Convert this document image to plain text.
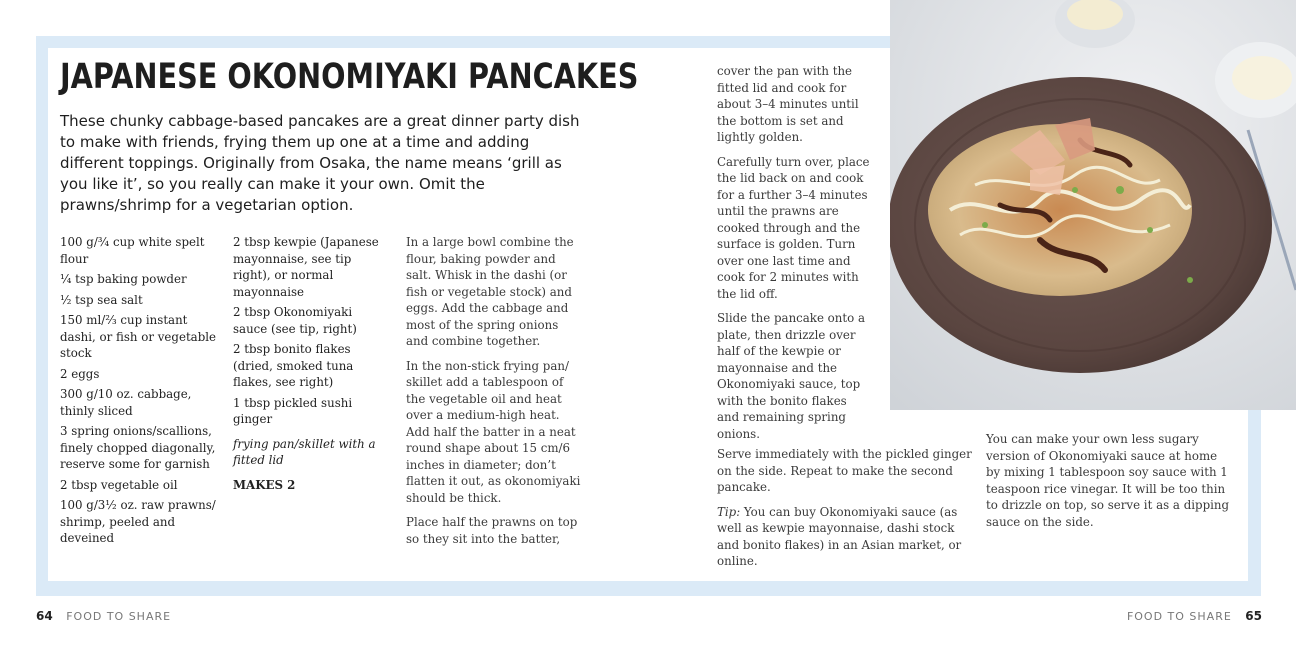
JAPANESE OKONOMIYAKI PANCAKES

These chunky cabbage-based pancakes are a great dinner party dish to make with friends, frying them up one at a time and adding different toppings. Originally from Osaka, the name means ‘grill as you like it’, so you really can make it your own. Omit the prawns/shrimp for a vegetarian option.

100 g/¾ cup white spelt flour

¼ tsp baking powder

½ tsp sea salt

150 ml/⅔ cup instant dashi, or fish or vegetable stock

2 eggs

300 g/10 oz. cabbage, thinly sliced

3 spring onions/scallions, finely chopped diagonally, reserve some for garnish

2 tbsp vegetable oil

100 g/3½ oz. raw prawns/ shrimp, peeled and deveined

2 tbsp kewpie (Japanese mayonnaise, see tip right), or normal mayonnaise

2 tbsp Okonomiyaki sauce (see tip, right)

2 tbsp bonito flakes (dried, smoked tuna flakes, see right)

1 tbsp pickled sushi ginger

frying pan/skillet with a fitted lid

MAKES 2

In a large bowl combine the flour, baking powder and salt. Whisk in the dashi (or fish or vegetable stock) and eggs. Add the cabbage and most of the spring onions and combine together.

In the non-stick frying pan/ skillet add a tablespoon of the vegetable oil and heat over a medium-high heat. Add half the batter in a neat round shape about 15 cm/6 inches in diameter; don’t flatten it out, as okonomiyaki should be thick.

Place half the prawns on top so they sit into the batter,

cover the pan with the fitted lid and cook for about 3–4 minutes until the bottom is set and lightly golden.

Carefully turn over, place the lid back on and cook for a further 3–4 minutes until the prawns are cooked through and the surface is golden. Turn over one last time and cook for 2 minutes with the lid off.

Slide the pancake onto a plate, then drizzle over half of the kewpie or mayonnaise and the Okonomiyaki sauce, top with the bonito flakes and remaining spring onions.

Serve immediately with the pickled ginger on the side. Repeat to make the second pancake.

Tip: You can buy Okonomiyaki sauce (as well as kewpie mayonnaise, dashi stock and bonito flakes) in an Asian market, or online.

You can make your own less sugary version of Okonomiyaki sauce at home by mixing 1 tablespoon soy sauce with 1 teaspoon rice vinegar. It will be too thin to drizzle on top, so serve it as a dipping sauce on the side.

64 FOOD TO SHARE	FOOD TO SHARE 65
